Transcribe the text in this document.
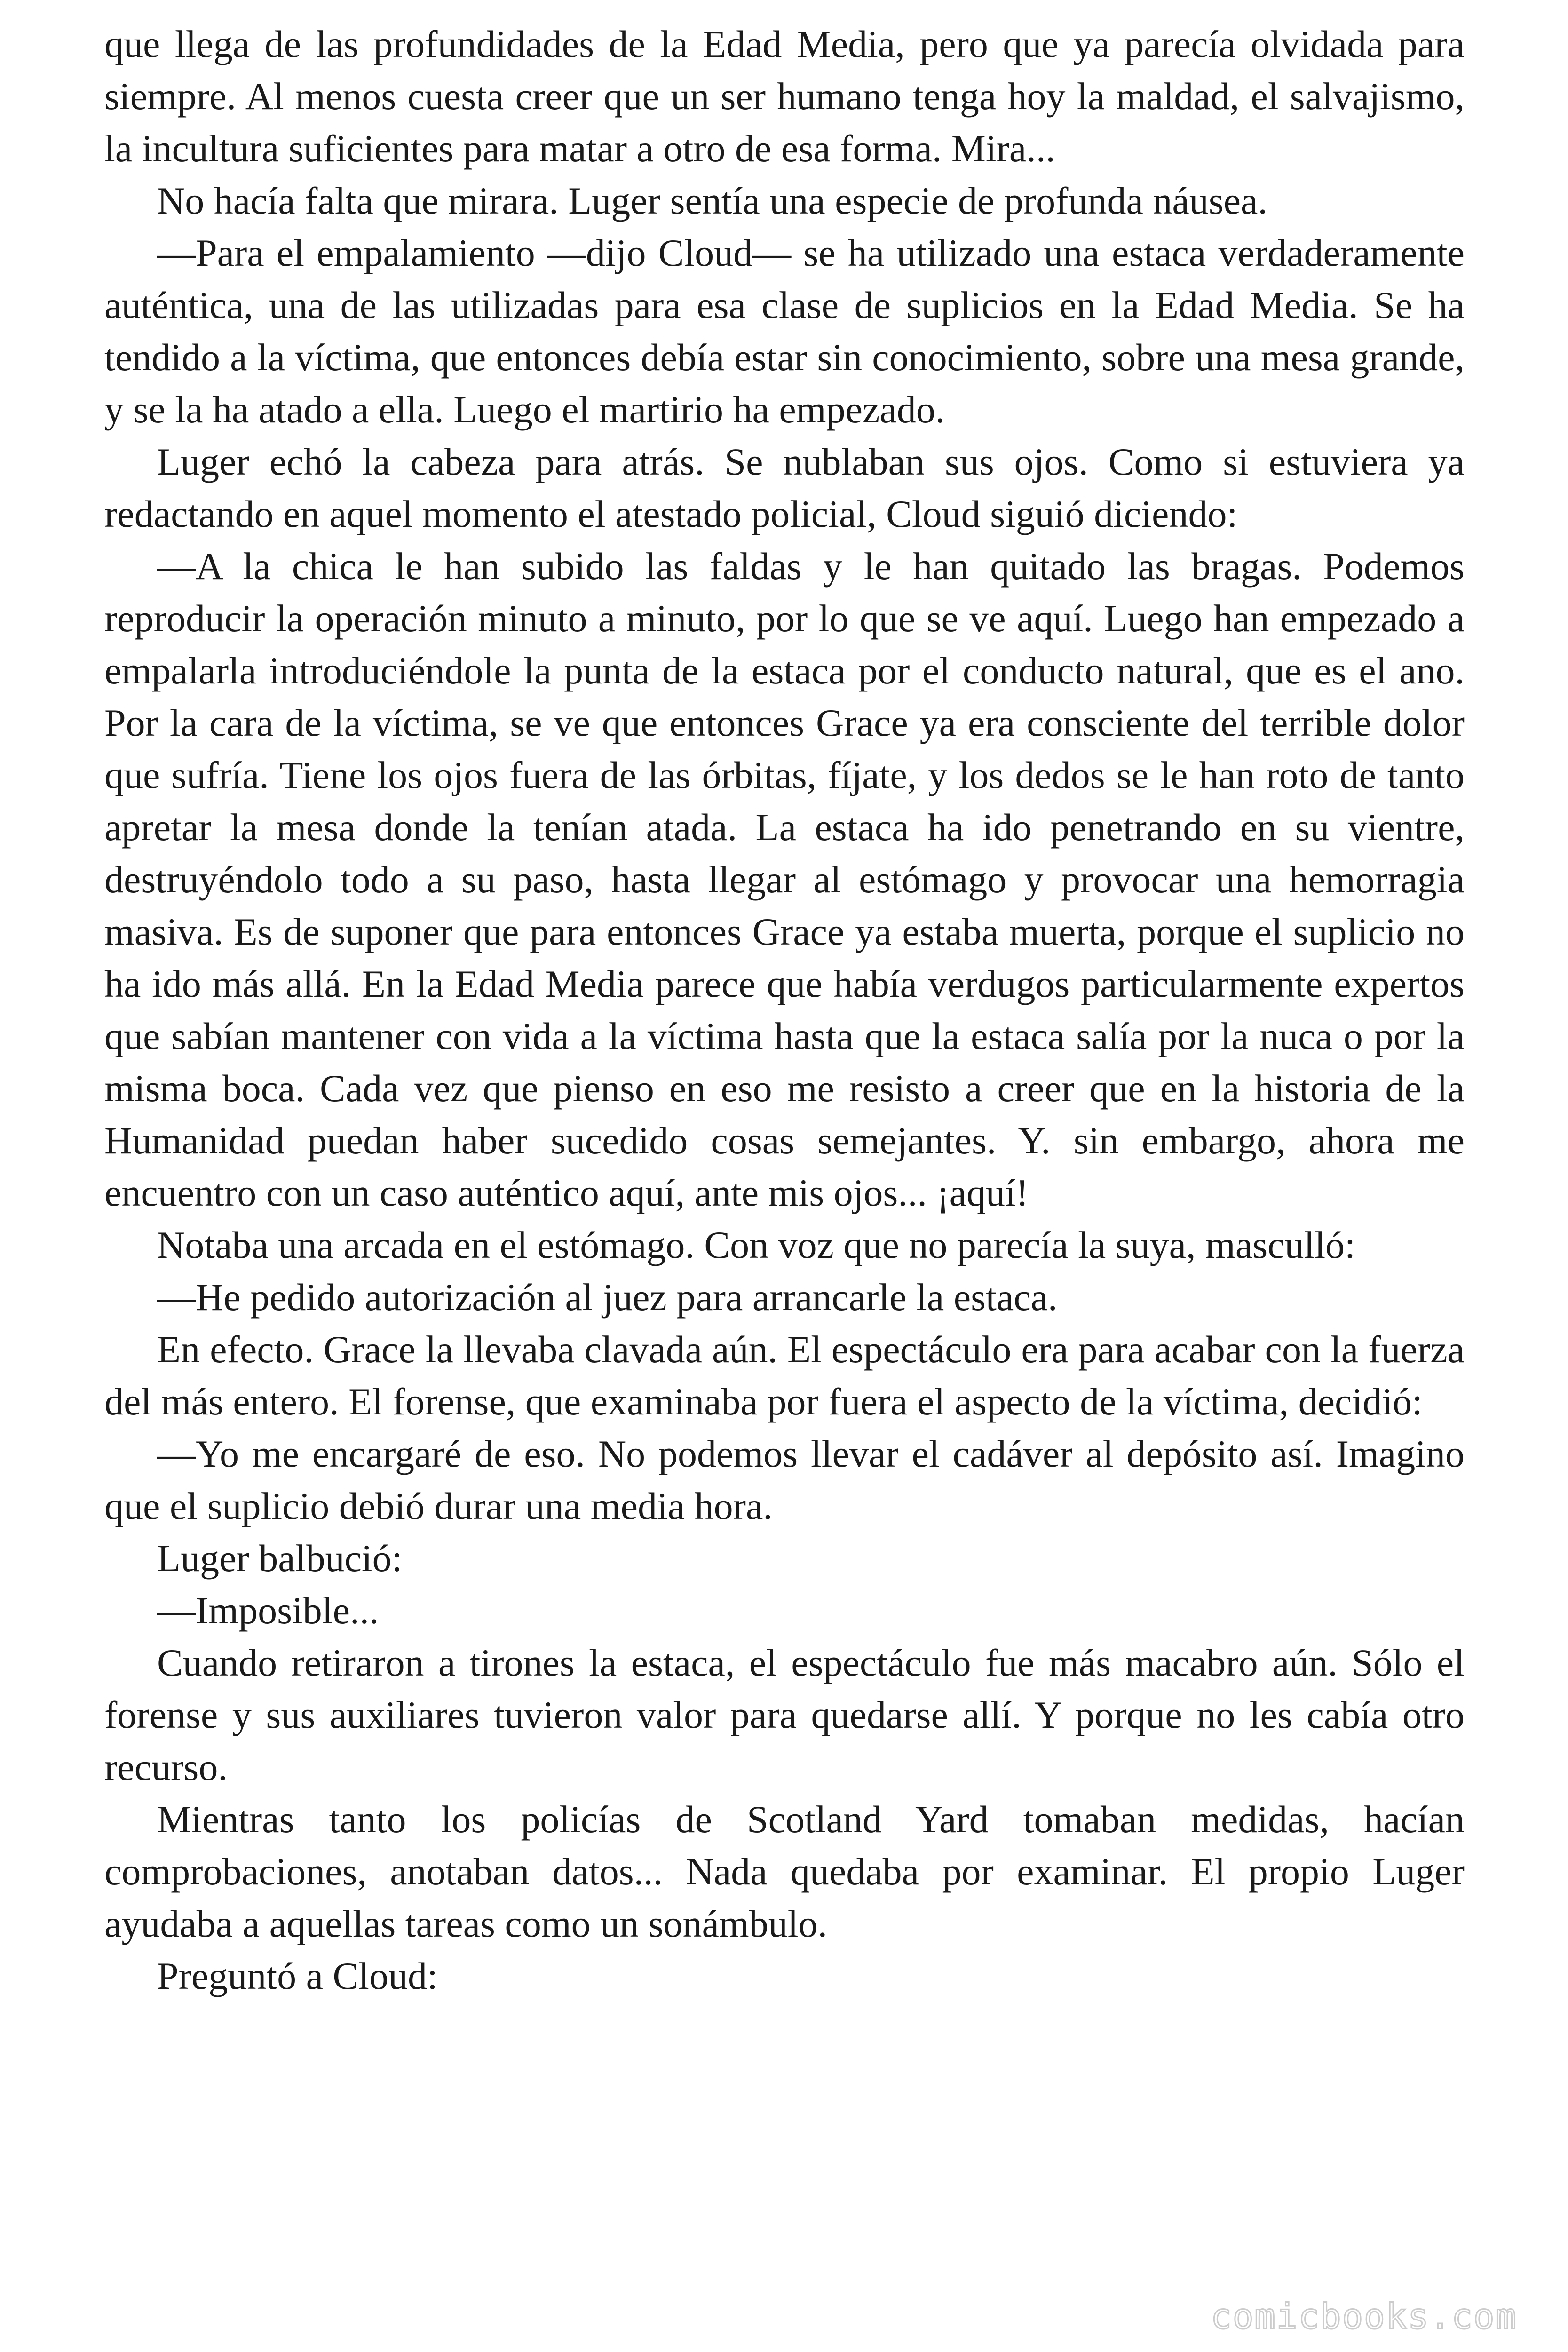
que llega de las profundidades de la Edad Media, pero que ya parecía olvidada para siempre. Al menos cuesta creer que un ser humano tenga hoy la maldad, el salvajismo, la incultura suficientes para matar a otro de esa forma. Mira...

No hacía falta que mirara. Luger sentía una especie de profunda náusea.

—Para el empalamiento —dijo Cloud— se ha utilizado una estaca verdaderamente auténtica, una de las utilizadas para esa clase de suplicios en la Edad Media. Se ha tendido a la víctima, que entonces debía estar sin conocimiento, sobre una mesa grande, y se la ha atado a ella. Luego el martirio ha empezado.

Luger echó la cabeza para atrás. Se nublaban sus ojos. Como si estuviera ya redactando en aquel momento el atestado policial, Cloud siguió diciendo:

—A la chica le han subido las faldas y le han quitado las bragas. Podemos reproducir la operación minuto a minuto, por lo que se ve aquí. Luego han empezado a empalarla introduciéndole la punta de la estaca por el conducto natural, que es el ano. Por la cara de la víctima, se ve que entonces Grace ya era consciente del terrible dolor que sufría. Tiene los ojos fuera de las órbitas, fíjate, y los dedos se le han roto de tanto apretar la mesa donde la tenían atada. La estaca ha ido penetrando en su vientre, destruyéndolo todo a su paso, hasta llegar al estómago y provocar una hemorragia masiva. Es de suponer que para entonces Grace ya estaba muerta, porque el suplicio no ha ido más allá. En la Edad Media parece que había verdugos particularmente expertos que sabían mantener con vida a la víctima hasta que la estaca salía por la nuca o por la misma boca. Cada vez que pienso en eso me resisto a creer que en la historia de la Humanidad puedan haber sucedido cosas semejantes. Y. sin embargo, ahora me encuentro con un caso auténtico aquí, ante mis ojos... ¡aquí!

Notaba una arcada en el estómago. Con voz que no parecía la suya, masculló:

—He pedido autorización al juez para arrancarle la estaca.

En efecto. Grace la llevaba clavada aún. El espectáculo era para acabar con la fuerza del más entero. El forense, que examinaba por fuera el aspecto de la víctima, decidió:

—Yo me encargaré de eso. No podemos llevar el cadáver al depósito así. Imagino que el suplicio debió durar una media hora.

Luger balbució:

—Imposible...

Cuando retiraron a tirones la estaca, el espectáculo fue más macabro aún. Sólo el forense y sus auxiliares tuvieron valor para quedarse allí. Y porque no les cabía otro recurso.

Mientras tanto los policías de Scotland Yard tomaban medidas, hacían comprobaciones, anotaban datos... Nada quedaba por examinar. El propio Luger ayudaba a aquellas tareas como un sonámbulo.

Preguntó a Cloud:

comicbooks.com
